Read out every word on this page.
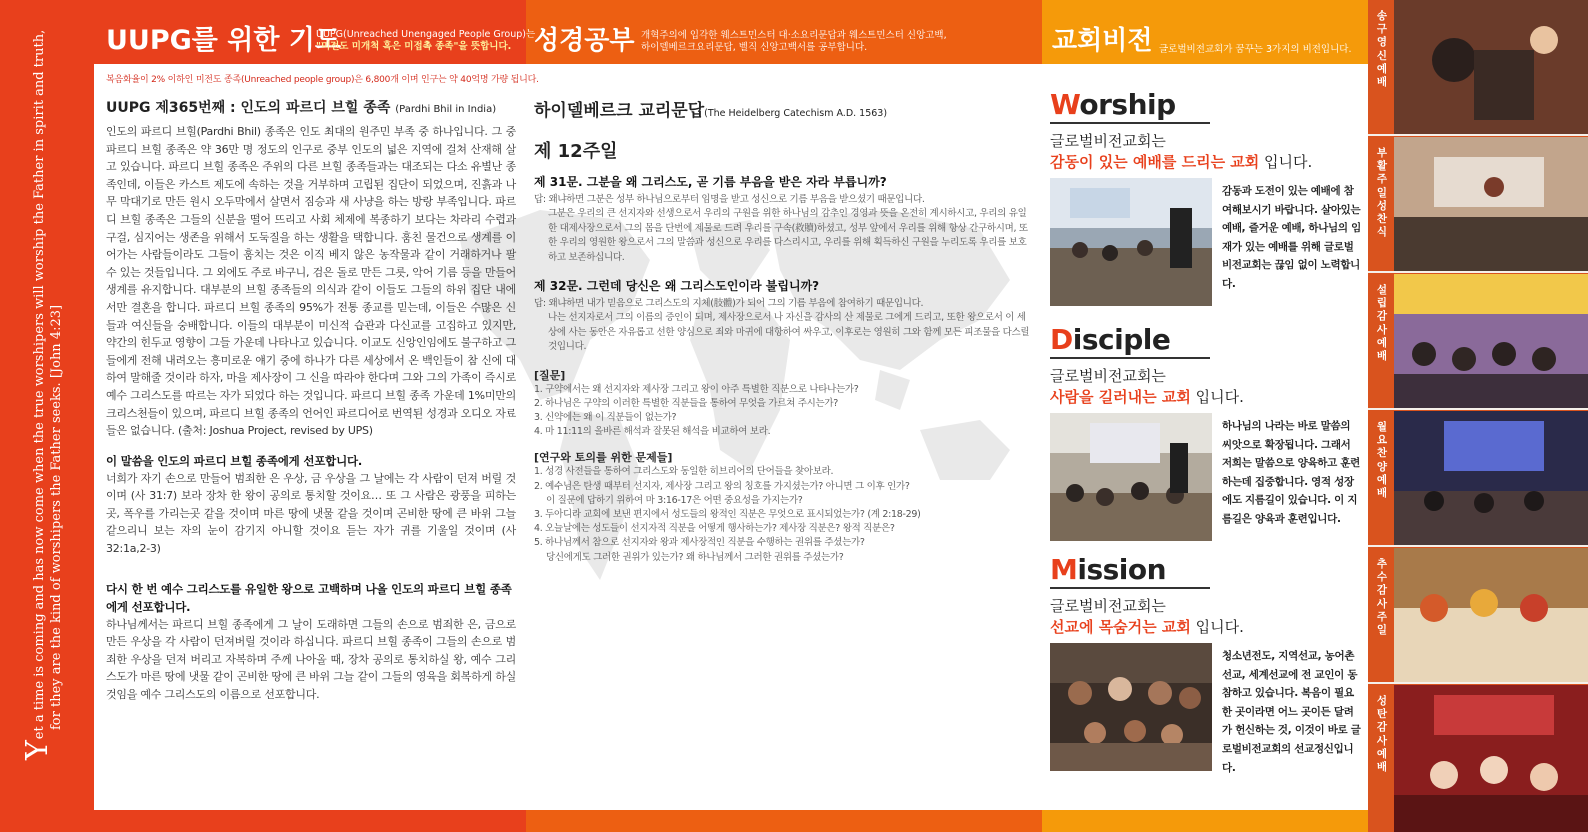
Yet a time is coming and has now come when the true worshipers will worship the Father in spirit and truth, for they are the kind of worshipers the Father seeks. [John 4:23]
UUPG를 위한 기도
UUPG(Unreached Unengaged People Group)는
"미전도 미개척 혹은 미접촉 종족"을 뜻합니다. 성경공부 개혁주의에 입각한 웨스트민스터 대·소요리문답과 웨스트민스터 신앙고백,
하이델베르크요리문답, 벨직 신앙고백서를 공부합니다.	교회비전 글로벌비전교회가 꿈꾸는 3가지의 비전입니다.
복음화율이 2% 이하인 미전도 종족(Unreached people group)은 6,800개 이며 인구는 약 40억명 가량 됩니다.
UUPG 제365번째 : 인도의 파르디 브힐 종족 (Pardhi Bhil in India)
인도의 파르디 브힐(Pardhi Bhil) 종족은 인도 최대의 원주민 부족 중 하나입니다. 그 중 파르디 브힐 종족은 약 36만 명 정도의 인구로 중부 인도의 넓은 지역에 걸쳐 산재해 살고 있습니다. 파르디 브힐 종족은 주위의 다른 브힐 종족들과는 대조되는 다소 유별난 종족인데, 이들은 카스트 제도에 속하는 것을 거부하며 고립된 집단이 되었으며, 진흙과 나무 막대기로 만든 원시 오두막에서 살면서 짐승과 새 사냥을 하는 방랑 부족입니다. 파르디 브힐 종족은 그들의 신분을 떨어 뜨리고 사회 체제에 복종하기 보다는 차라리 수렵과 구걸, 심지어는 생존을 위해서 도둑질을 하는 생활을 택합니다. 훔친 물건으로 생계를 이어가는 사람들이라도 그들이 훔치는 것은 이직 베지 않은 농작물과 같이 거래하거나 팔 수 있는 것들입니다. 그 외에도 주로 바구니, 검은 돌로 만든 그릇, 악어 기름 등을 만들어 생계를 유지합니다. 대부분의 브힐 종족들의 의식과 같이 이들도 그들의 하위 집단 내에서만 결혼을 합니다. 파르디 브힐 종족의 95%가 전통 종교를 믿는데, 이들은 수많은 신들과 여신들을 숭배합니다. 이들의 대부분이 미신적 습관과 다신교를 고집하고 있지만, 약간의 힌두교 영향이 그들 가운데 나타나고 있습니다. 이교도 신앙인임에도 불구하고 그들에게 전해 내려오는 흥미로운 얘기 중에 하나가 다른 세상에서 온 백인들이 참 신에 대하여 말해줄 것이라 하자, 마을 제사장이 그 신을 따라야 한다며 그와 그의 가족이 즉시로 예수 그리스도를 따르는 자가 되었다 하는 것입니다. 파르디 브힐 종족 가운데 1%미만의 크리스천들이 있으며, 파르디 브힐 종족의 언어인 파르디어로 번역된 성경과 오디오 자료들은 없습니다. (출처: Joshua Project, revised by UPS)
이 말씀을 인도의 파르디 브힐 종족에게 선포합니다.
너희가 자기 손으로 만들어 범죄한 은 우상, 금 우상을 그 날에는 각 사람이 던져 버릴 것이며 (사 31:7) 보라 장차 한 왕이 공의로 통치할 것이요… 또 그 사람은 광풍을 피하는 곳, 폭우를 가리는곳 같을 것이며 마른 땅에 냇물 같을 것이며 곤비한 땅에 큰 바위 그늘 같으리니 보는 자의 눈이 감기지 아니할 것이요 듣는 자가 귀를 기울일 것이며 (사 32:1a,2-3)
다시 한 번 예수 그리스도를 유일한 왕으로 고백하며 나올 인도의 파르디 브힐 종족에게 선포합니다.
하나님께서는 파르디 브힐 종족에게 그 날이 도래하면 그들의 손으로 범죄한 은, 금으로 만든 우상을 각 사람이 던져버릴 것이라 하십니다. 파르디 브힐 종족이 그들의 손으로 범죄한 우상을 던져 버리고 자복하며 주께 나아올 때, 장차 공의로 통치하실 왕, 예수 그리스도가 마른 땅에 냇물 같이 곤비한 땅에 큰 바위 그늘 같이 그들의 영육을 회복하게 하실 것임을 예수 그리스도의 이름으로 선포합니다.
하이델베르크 교리문답(The Heidelberg Catechism A.D. 1563)
제 12주일
제 31문. 그분을 왜 그리스도, 곧 기름 부음을 받은 자라 부릅니까?
답: 왜냐하면 그분은 성부 하나님으로부터 임명을 받고 성신으로 기름 부음을 받으셨기 때문입니다.
그분은 우리의 큰 선지자와 선생으로서 우리의 구원을 위한 하나님의 감추인 경영과 뜻을 온전히 계시하시고, 우리의 유일한 대제사장으로서 그의 몸을 단번에 제물로 드려 우리를 구속(救贖)하셨고, 성부 앞에서 우리를 위해 항상 간구하시며, 또한 우리의 영원한 왕으로서 그의 말씀과 성신으로 우리를 다스리시고, 우리를 위해 획득하신 구원을 누리도록 우리를 보호하고 보존하십니다.
제 32문. 그런데 당신은 왜 그리스도인이라 불립니까?
답: 왜냐하면 내가 믿음으로 그리스도의 지체(肢體)가 되어 그의 기름 부음에 참여하기 때문입니다.
나는 선지자로서 그의 이름의 증인이 되며, 제사장으로서 나 자신을 감사의 산 제물로 그에게 드리고, 또한 왕으로서 이 세상에 사는 동안은 자유롭고 선한 양심으로 죄와 마귀에 대항하여 싸우고, 이후로는 영원히 그와 함께 모든 피조물을 다스릴 것입니다.
[질문]
1. 구약에서는 왜 선지자와 제사장 그리고 왕이 아주 특별한 직분으로 나타나는가?
2. 하나님은 구약의 이러한 특별한 직분들을 통하여 무엇을 가르쳐 주시는가?
3. 신약에는 왜 이 직분들이 없는가?
4. 마 11:11의 올바른 해석과 잘못된 해석을 비교하여 보라.
[연구와 토의를 위한 문제들]
1. 성경 사전들을 통하여 그리스도와 동일한 히브리어의 단어들을 찾아보라.
2. 예수님은 탄생 때부터 선지자, 제사장 그리고 왕의 칭호를 가지셨는가? 아니면 그 이후 인가?
이 질문에 답하기 위하여 마 3:16-17은 어떤 중요성을 가지는가?
3. 두아디라 교회에 보낸 편지에서 성도들의 왕적인 직분은 무엇으로 표시되었는가? (계 2:18-29)
4. 오늘날에는 성도들이 선지자적 직분을 어떻게 행사하는가? 제사장 직분은? 왕적 직분은?
5. 하나님께서 참으로 선지자와 왕과 제사장적인 직분을 수행하는 권위를 주셨는가?
당신에게도 그러한 권위가 있는가? 왜 하나님께서 그러한 권위를 주셨는가?
Worship
글로벌비전교회는
감동이 있는 예배를 드리는 교회 입니다.
감동과 도전이 있는 예배에 참여해보시기 바랍니다. 살아있는 예배, 즐거운 예배, 하나님의 임재가 있는 예배를 위해 글로벌비전교회는 끊임 없이 노력합니다.
Disciple
글로벌비전교회는
사람을 길러내는 교회 입니다.
하나님의 나라는 바로 말씀의 씨앗으로 확장됩니다. 그래서 저희는 말씀으로 양육하고 훈련하는데 집중합니다. 영적 성장에도 지름길이 있습니다. 이 지름길은 양육과 훈련입니다.
Mission
글로벌비전교회는
선교에 목숨거는 교회 입니다.
청소년전도, 지역선교, 농어촌선교, 세계선교에 전 교인이 동참하고 있습니다. 복음이 필요한 곳이라면 어느 곳이든 달려가 헌신하는 것, 이것이 바로 글로벌비전교회의 선교정신입니다.
송구영신예배
부활주일 성찬식
설립감사예배
월요찬양예배
추수감사주일
성탄감사예배
